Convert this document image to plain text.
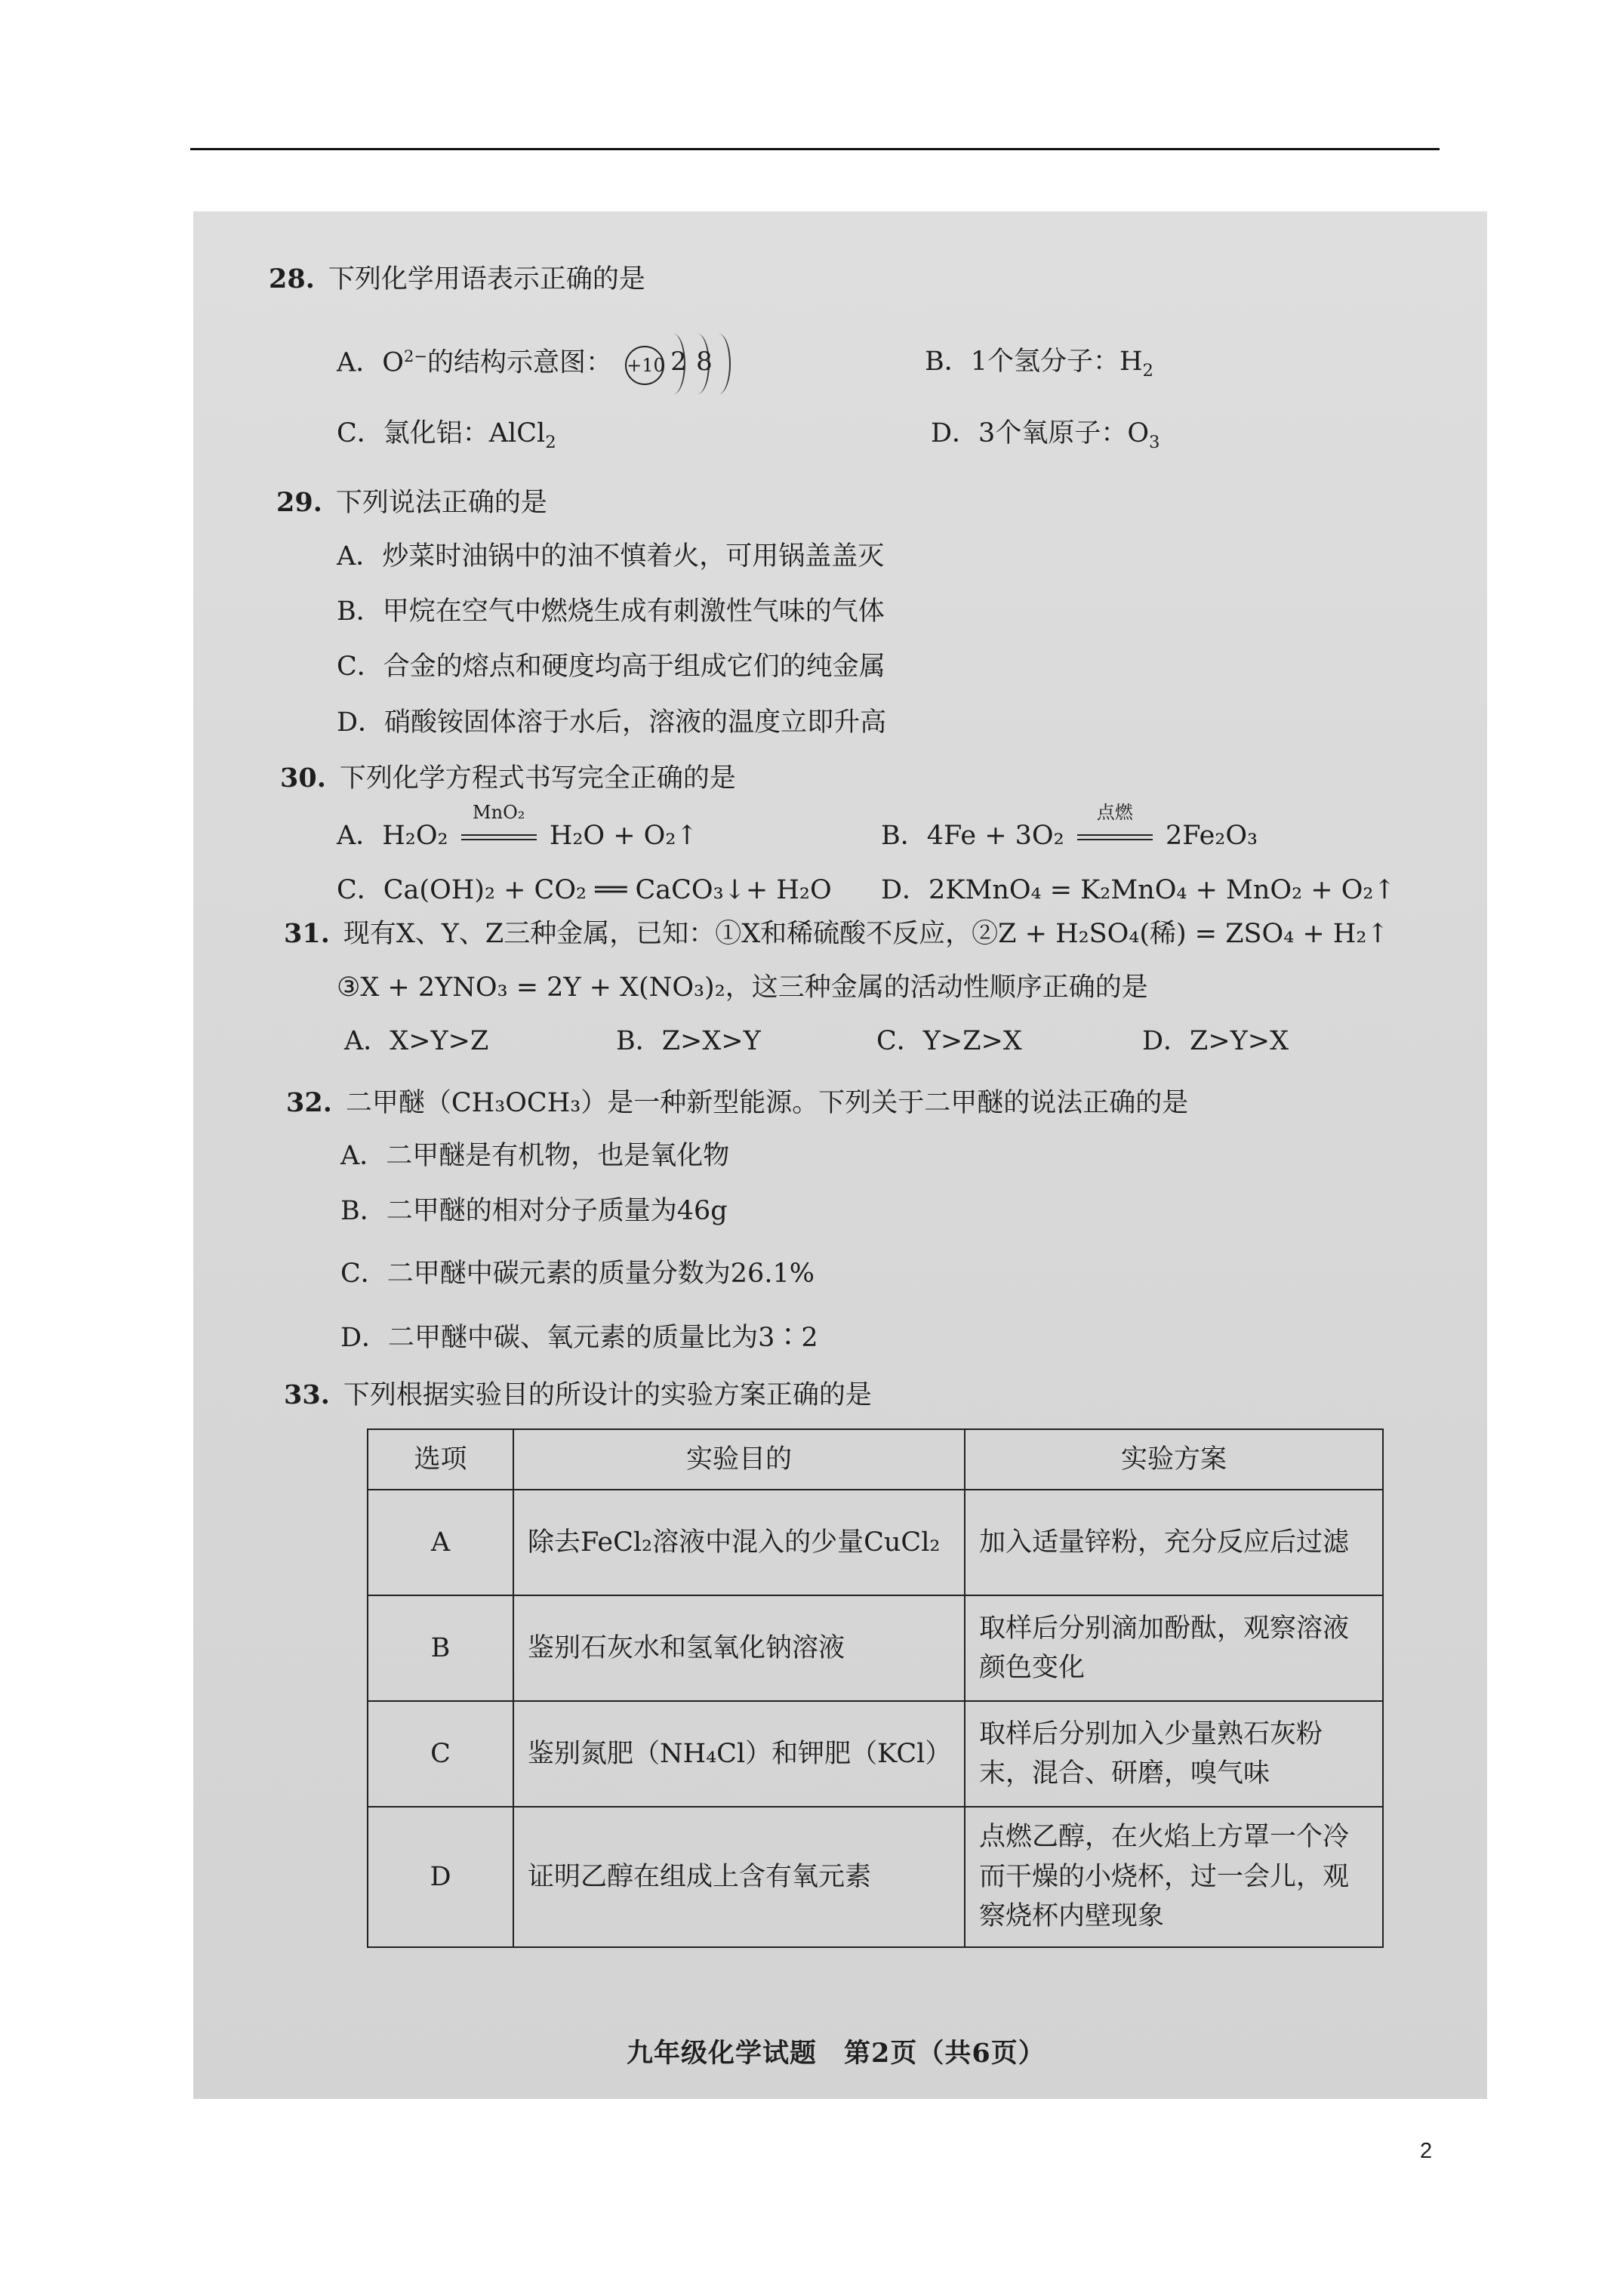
28. 下列化学用语表示正确的是
A．$O^{2-}$的结构示意图： +10 2 8	B．1个氢分子：$H_2$
C．氯化铝：AlCl$_2$	D．3个氧原子：$O_3$
29. 下列说法正确的是
A．炒菜时油锅中的油不慎着火，可用锅盖盖灭
B．甲烷在空气中燃烧生成有刺激性气味的气体
C．合金的熔点和硬度均高于组成它们的纯金属
D．硝酸铵固体溶于水后，溶液的温度立即升高
30. 下列化学方程式书写完全正确的是
A．H₂O₂
MnO₂
H₂O + O₂↑	B．4Fe + 3O₂
点燃
2Fe₂O₃
C．Ca(OH)₂ + CO₂ ══ CaCO₃↓+ H₂O D．2KMnO₄ = K₂MnO₄ + MnO₂ + O₂↑
31. 现有X、Y、Z三种金属，已知：①X和稀硫酸不反应，②Z + H₂SO₄(稀) = ZSO₄ + H₂↑
③X + 2YNO₃ = 2Y + X(NO₃)₂，这三种金属的活动性顺序正确的是
A．X>Y>Z	B．Z>X>Y	C．Y>Z>X	D．Z>Y>X
32. 二甲醚（CH₃OCH₃）是一种新型能源。下列关于二甲醚的说法正确的是
A．二甲醚是有机物，也是氧化物
B．二甲醚的相对分子质量为46g
C．二甲醚中碳元素的质量分数为26.1%
D．二甲醚中碳、氧元素的质量比为3∶2
33. 下列根据实验目的所设计的实验方案正确的是
选项	实验目的	实验方案
A	除去FeCl₂溶液中混入的少量CuCl₂	加入适量锌粉，充分反应后过滤
B	鉴别石灰水和氢氧化钠溶液	取样后分别滴加酚酞，观察溶液颜色变化
C	鉴别氮肥（NH₄Cl）和钾肥（KCl）	取样后分别加入少量熟石灰粉末，混合、研磨，嗅气味
D	证明乙醇在组成上含有氧元素	点燃乙醇，在火焰上方罩一个冷而干燥的小烧杯，过一会儿，观察烧杯内壁现象
九年级化学试题　第2页（共6页）
2
